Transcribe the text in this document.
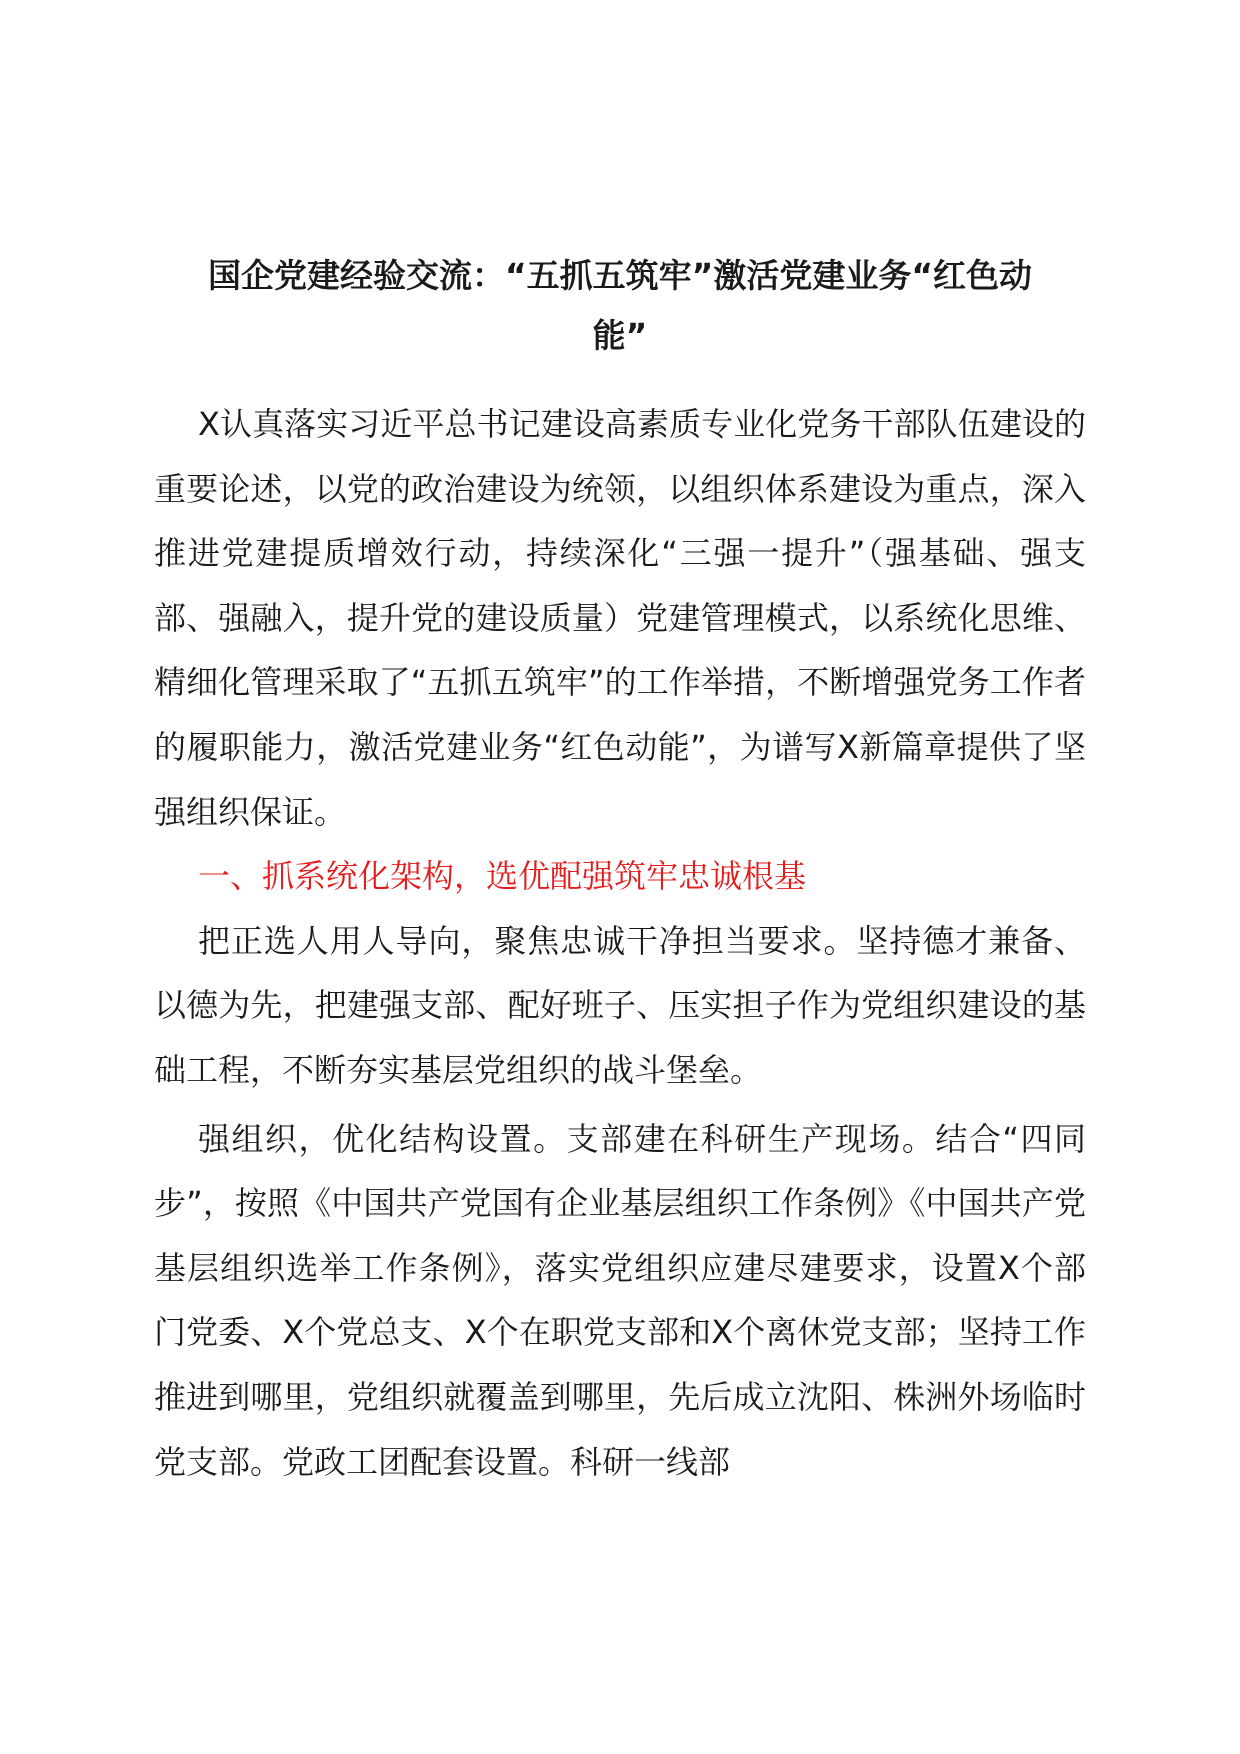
国企党建经验交流：“五抓五筑牢”激活党建业务“红色动能”

X认真落实习近平总书记建设高素质专业化党务干部队伍建设的重要论述，以党的政治建设为统领，以组织体系建设为重点，深入推进党建提质增效行动，持续深化“三强一提升”（强基础、强支部、强融入，提升党的建设质量）党建管理模式，以系统化思维、精细化管理采取了“五抓五筑牢”的工作举措，不断增强党务工作者的履职能力，激活党建业务“红色动能”，为谱写X新篇章提供了坚强组织保证。

一、抓系统化架构，选优配强筑牢忠诚根基

把正选人用人导向，聚焦忠诚干净担当要求。坚持德才兼备、以德为先，把建强支部、配好班子、压实担子作为党组织建设的基础工程，不断夯实基层党组织的战斗堡垒。

强组织，优化结构设置。支部建在科研生产现场。结合“四同步”，按照《中国共产党国有企业基层组织工作条例》《中国共产党基层组织选举工作条例》，落实党组织应建尽建要求，设置X个部门党委、X个党总支、X个在职党支部和X个离休党支部；坚持工作推进到哪里，党组织就覆盖到哪里，先后成立沈阳、株洲外场临时党支部。党政工团配套设置。科研一线部
